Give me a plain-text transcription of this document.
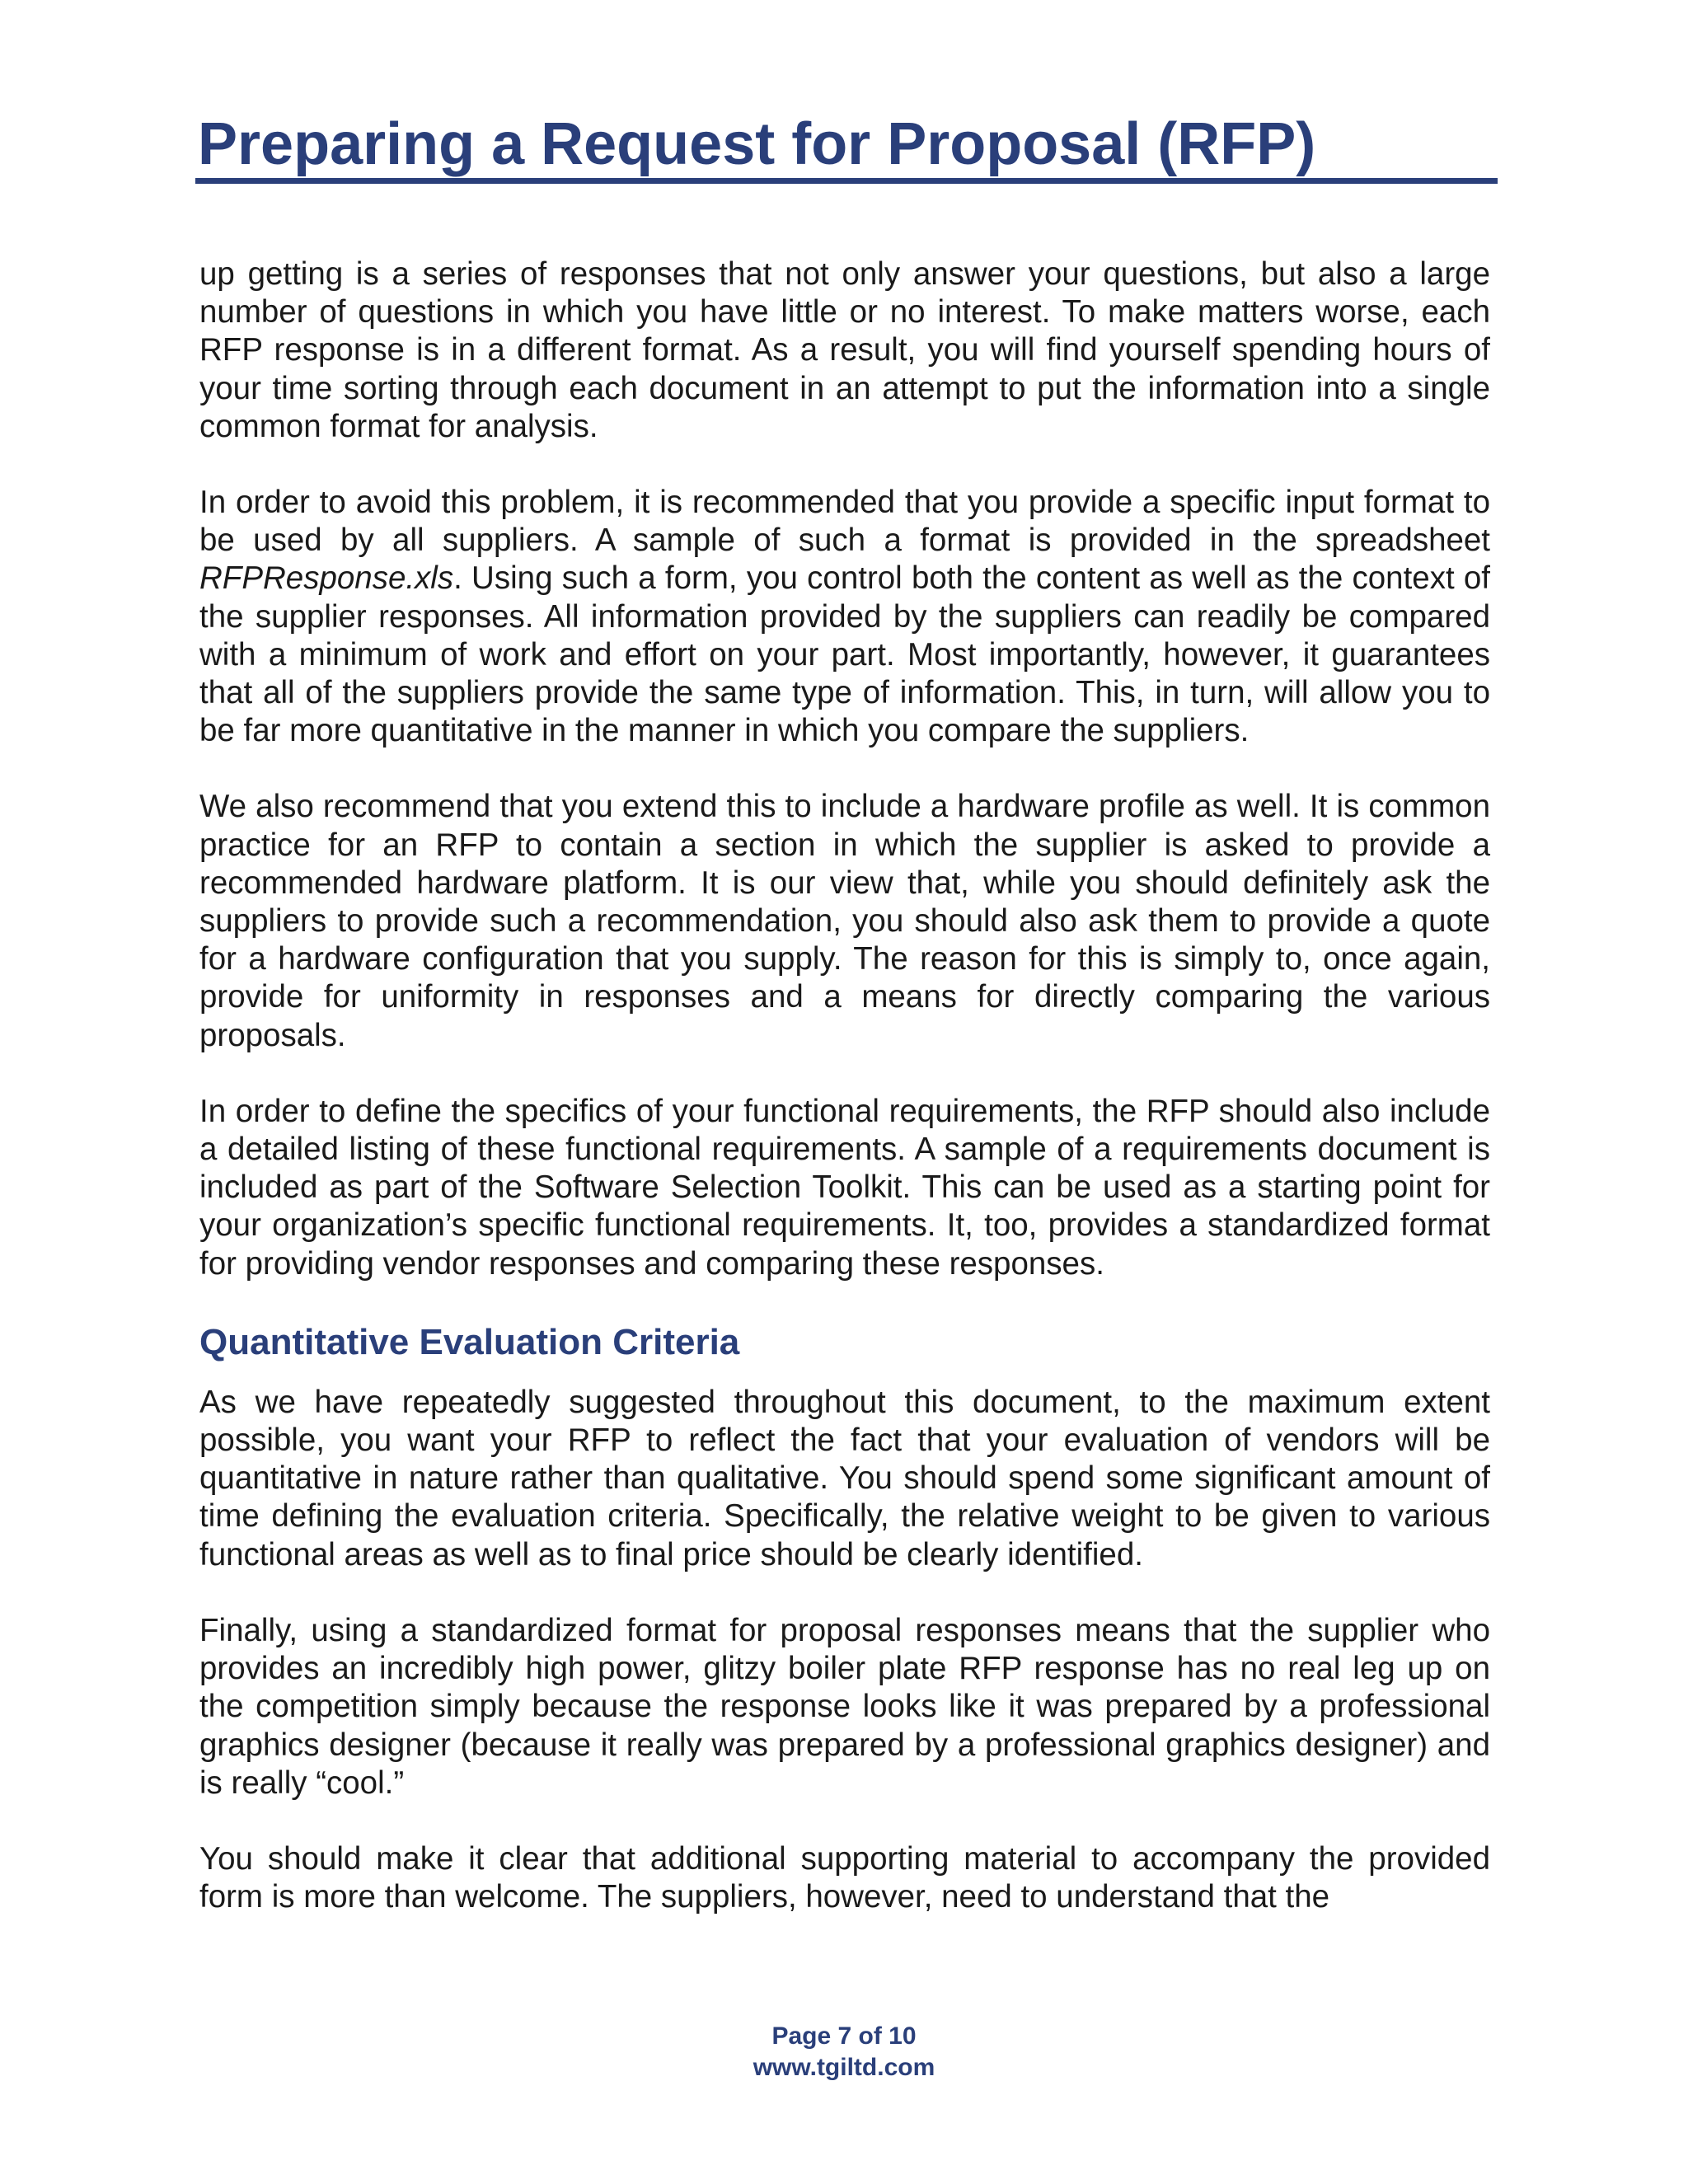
Preparing a Request for Proposal (RFP)

up getting is a series of responses that not only answer your questions, but also a large number of questions in which you have little or no interest. To make matters worse, each RFP response is in a different format. As a result, you will find yourself spending hours of your time sorting through each document in an attempt to put the information into a single common format for analysis.

In order to avoid this problem, it is recommended that you provide a specific input format to be used by all suppliers. A sample of such a format is provided in the spreadsheet RFPResponse.xls. Using such a form, you control both the content as well as the context of the supplier responses. All information provided by the suppliers can readily be compared with a minimum of work and effort on your part. Most importantly, however, it guarantees that all of the suppliers provide the same type of information. This, in turn, will allow you to be far more quantitative in the manner in which you compare the suppliers.

We also recommend that you extend this to include a hardware profile as well. It is common practice for an RFP to contain a section in which the supplier is asked to provide a recommended hardware platform. It is our view that, while you should definitely ask the suppliers to provide such a recommendation, you should also ask them to provide a quote for a hardware configuration that you supply. The reason for this is simply to, once again, provide for uniformity in responses and a means for directly comparing the various proposals.

In order to define the specifics of your functional requirements, the RFP should also include a detailed listing of these functional requirements. A sample of a requirements document is included as part of the Software Selection Toolkit. This can be used as a starting point for your organization’s specific functional requirements. It, too, provides a standardized format for providing vendor responses and comparing these responses.

Quantitative Evaluation Criteria

As we have repeatedly suggested throughout this document, to the maximum extent possible, you want your RFP to reflect the fact that your evaluation of vendors will be quantitative in nature rather than qualitative. You should spend some significant amount of time defining the evaluation criteria. Specifically, the relative weight to be given to various functional areas as well as to final price should be clearly identified.

Finally, using a standardized format for proposal responses means that the supplier who provides an incredibly high power, glitzy boiler plate RFP response has no real leg up on the competition simply because the response looks like it was prepared by a professional graphics designer (because it really was prepared by a professional graphics designer) and is really “cool.”

You should make it clear that additional supporting material to accompany the provided form is more than welcome. The suppliers, however, need to understand that the

Page 7 of 10
www.tgiltd.com
